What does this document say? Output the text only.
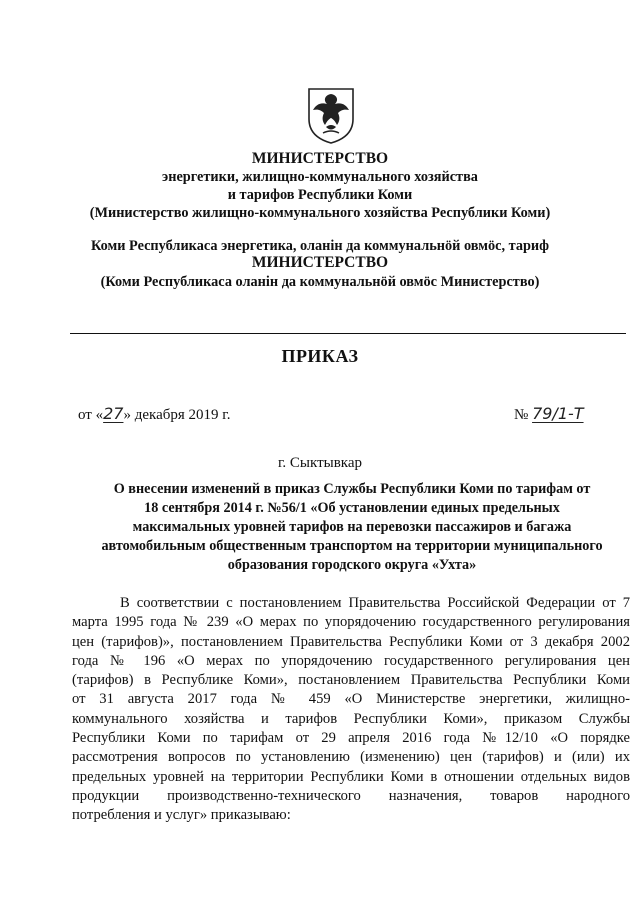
МИНИСТЕРСТВО
энергетики, жилищно-коммунального хозяйства
и тарифов Республики Коми
(Министерство жилищно-коммунального хозяйства Республики Коми)
Коми Республикаса энергетика, оланiн да коммунальнӧй овмӧс, тариф
МИНИСТЕРСТВО
(Коми Республикаса оланiн да коммунальнӧй овмӧс Министерство)
ПРИКАЗ
от «27» декабря 2019 г.	№ 79/1-Т
г. Сыктывкар
О внесении изменений в приказ Службы Республики Коми по тарифам от
18 сентября 2014 г. №56/1 «Об установлении единых предельных
максимальных уровней тарифов на перевозки пассажиров и багажа
автомобильным общественным транспортом на территории муниципального
образования городского округа «Ухта»
В соответствии с постановлением Правительства Российской Федерации от 7
марта 1995 года № 239 «О мерах по упорядочению государственного регулирования
цен (тарифов)», постановлением Правительства Республики Коми от 3 декабря 2002
года № 196 «О мерах по упорядочению государственного регулирования цен
(тарифов) в Республике Коми», постановлением Правительства Республики Коми
от 31 августа 2017 года № 459 «О Министерстве энергетики, жилищно-
коммунального хозяйства и тарифов Республики Коми», приказом Службы
Республики Коми по тарифам от 29 апреля 2016 года №12/10 «О порядке
рассмотрения вопросов по установлению (изменению) цен (тарифов) и (или) их
предельных уровней на территории Республики Коми в отношении отдельных видов
продукции производственно-технического назначения, товаров народного
потребления и услуг» приказываю:
